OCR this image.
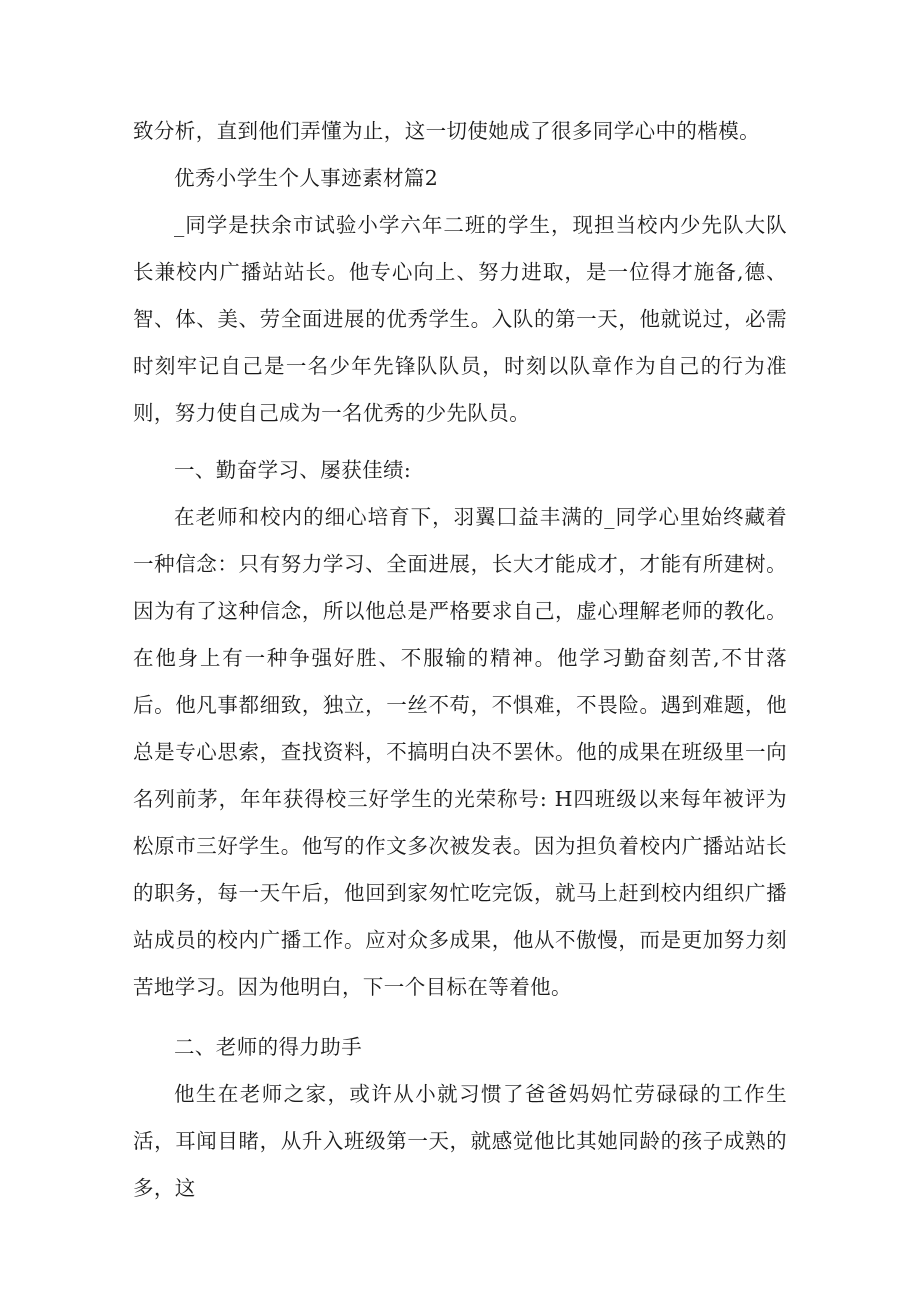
致分析，直到他们弄懂为止，这一切使她成了很多同学心中的楷模。

优秀小学生个人事迹素材篇2

_同学是扶余市试验小学六年二班的学生，现担当校内少先队大队长兼校内广播站站长。他专心向上、努力进取，是一位得才施备,德、智、体、美、劳全面进展的优秀学生。入队的第一天，他就说过，必需时刻牢记自己是一名少年先锋队队员，时刻以队章作为自己的行为准则，努力使自己成为一名优秀的少先队员。

一、勤奋学习、屡获佳绩:

在老师和校内的细心培育下，羽翼囗益丰满的_同学心里始终藏着一种信念：只有努力学习、全面进展，长大才能成才，才能有所建树。因为有了这种信念，所以他总是严格要求自己，虚心理解老师的教化。在他身上有一种争强好胜、不服输的精神。他学习勤奋刻苦,不甘落后。他凡事都细致，独立，一丝不苟，不惧难，不畏险。遇到难题，他总是专心思索，查找资料，不搞明白决不罢休。他的成果在班级里一向名列前茅，年年获得校三好学生的光荣称号: H四班级以来每年被评为松原市三好学生。他写的作文多次被发表。因为担负着校内广播站站长的职务，每一天午后，他回到家匆忙吃完饭，就马上赶到校内组织广播站成员的校内广播工作。应对众多成果，他从不傲慢，而是更加努力刻苦地学习。因为他明白，下一个目标在等着他。

二、老师的得力助手

他生在老师之家，或许从小就习惯了爸爸妈妈忙劳碌碌的工作生活，耳闻目睹，从升入班级第一天，就感觉他比其她同龄的孩子成熟的多，这
